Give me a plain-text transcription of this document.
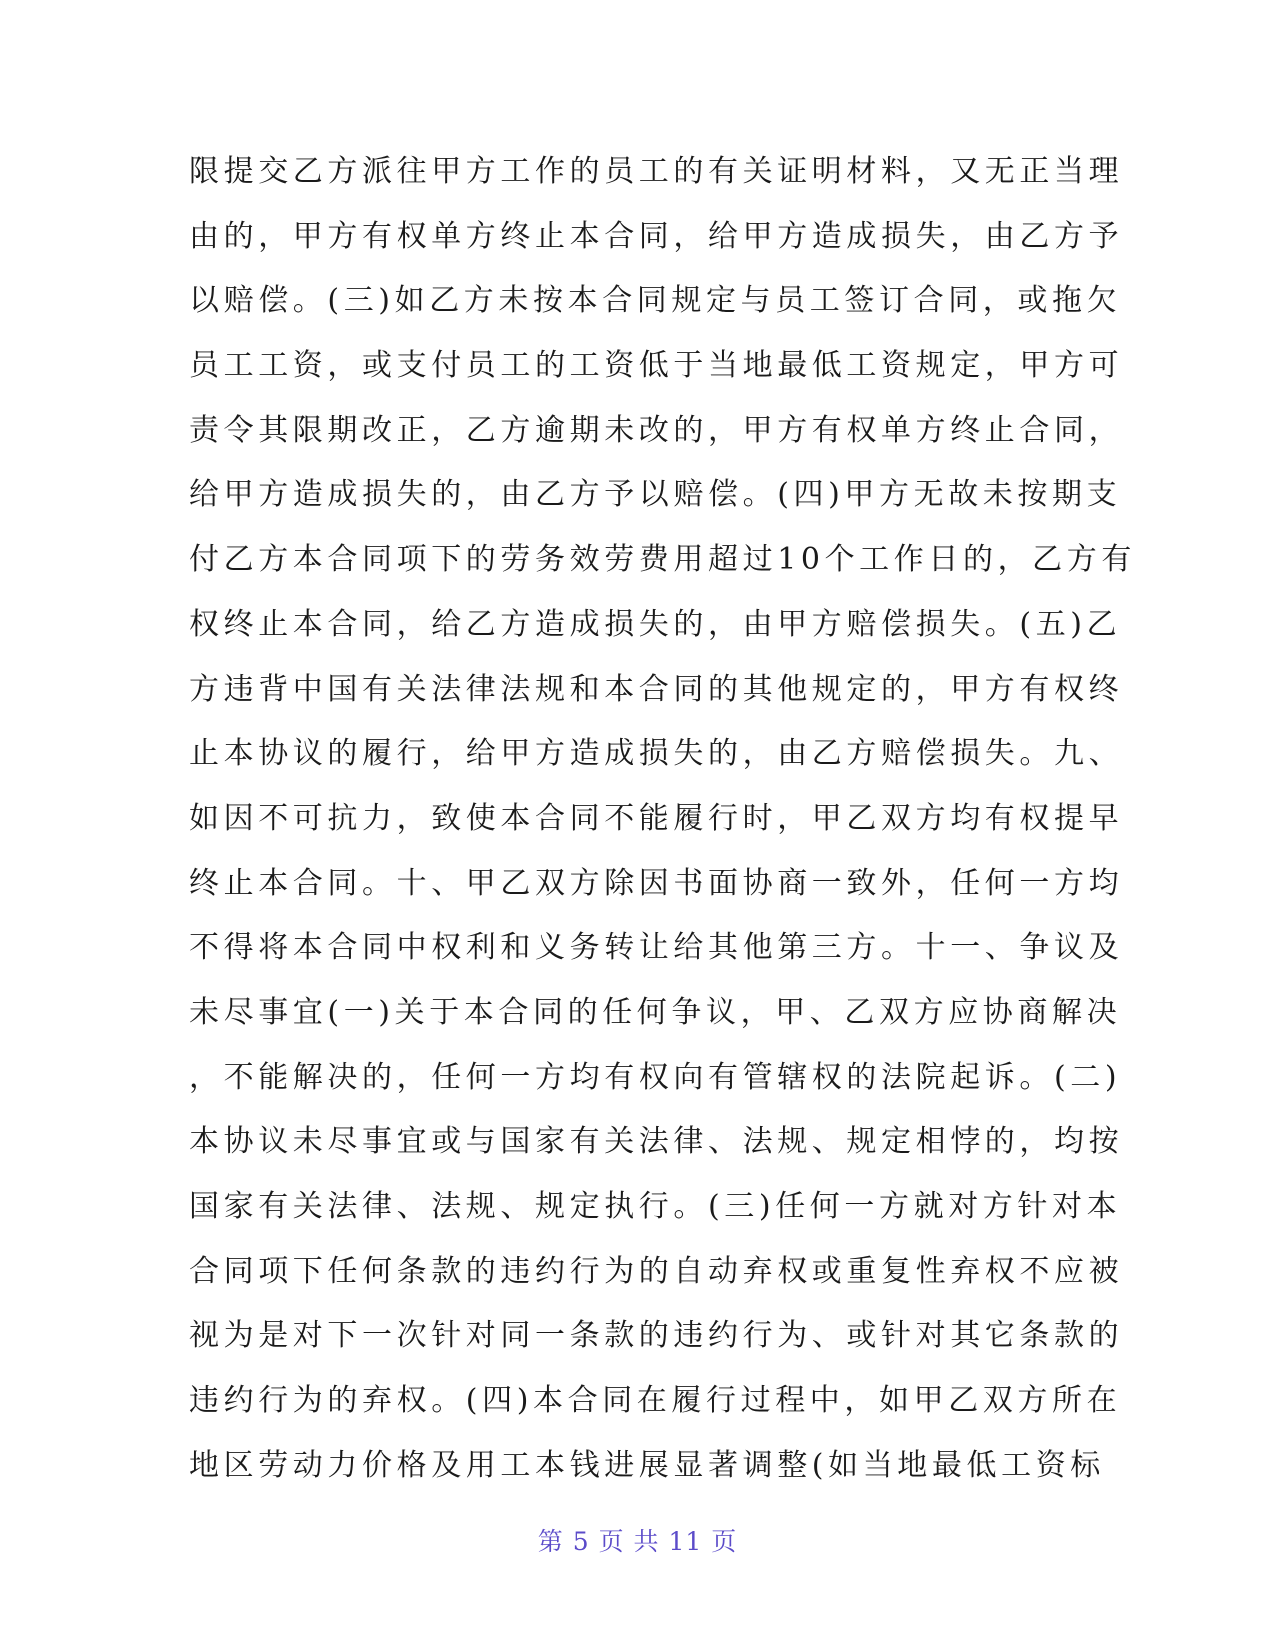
限提交乙方派往甲方工作的员工的有关证明材料，又无正当理
由的，甲方有权单方终止本合同，给甲方造成损失，由乙方予
以赔偿。(三)如乙方未按本合同规定与员工签订合同，或拖欠
员工工资，或支付员工的工资低于当地最低工资规定，甲方可
责令其限期改正，乙方逾期未改的，甲方有权单方终止合同，
给甲方造成损失的，由乙方予以赔偿。(四)甲方无故未按期支
付乙方本合同项下的劳务效劳费用超过10个工作日的，乙方有
权终止本合同，给乙方造成损失的，由甲方赔偿损失。(五)乙
方违背中国有关法律法规和本合同的其他规定的，甲方有权终
止本协议的履行，给甲方造成损失的，由乙方赔偿损失。九、
如因不可抗力，致使本合同不能履行时，甲乙双方均有权提早
终止本合同。十、甲乙双方除因书面协商一致外，任何一方均
不得将本合同中权利和义务转让给其他第三方。十一、争议及
未尽事宜(一)关于本合同的任何争议，甲、乙双方应协商解决
，不能解决的，任何一方均有权向有管辖权的法院起诉。(二)
本协议未尽事宜或与国家有关法律、法规、规定相悖的，均按
国家有关法律、法规、规定执行。(三)任何一方就对方针对本
合同项下任何条款的违约行为的自动弃权或重复性弃权不应被
视为是对下一次针对同一条款的违约行为、或针对其它条款的
违约行为的弃权。(四)本合同在履行过程中，如甲乙双方所在
地区劳动力价格及用工本钱进展显著调整(如当地最低工资标
第 5 页 共 11 页
